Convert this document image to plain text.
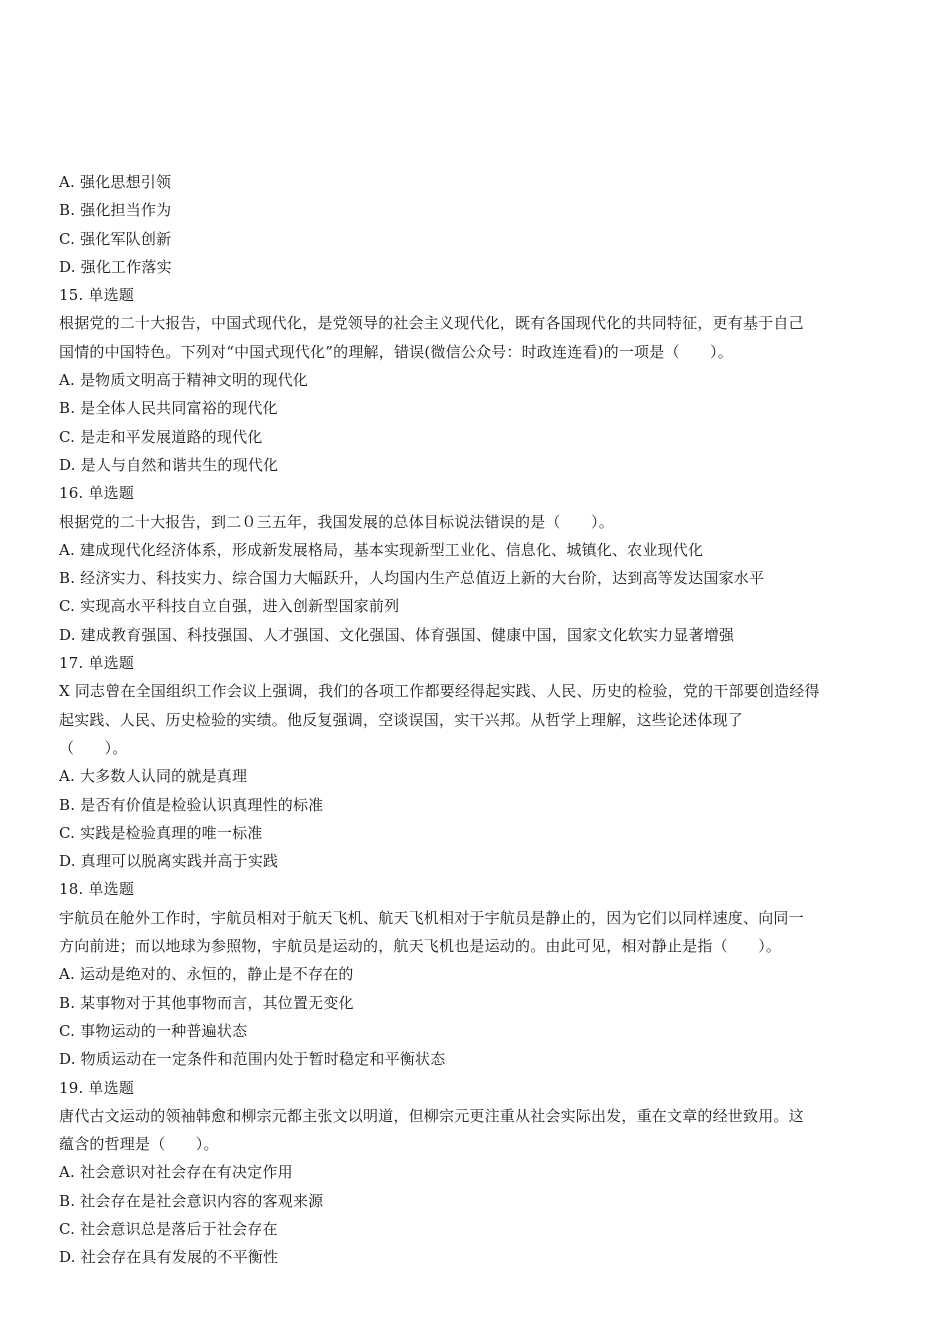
A. 强化思想引领
B. 强化担当作为
C. 强化军队创新
D. 强化工作落实
15. 单选题
根据党的二十大报告，中国式现代化，是党领导的社会主义现代化，既有各国现代化的共同特征，更有基于自己
国情的中国特色。下列对“中国式现代化”的理解，错误(微信公众号：时政连连看)的一项是（　　）。
A. 是物质文明高于精神文明的现代化
B. 是全体人民共同富裕的现代化
C. 是走和平发展道路的现代化
D. 是人与自然和谐共生的现代化
16. 单选题
根据党的二十大报告，到二０三五年，我国发展的总体目标说法错误的是（　　）。
A. 建成现代化经济体系，形成新发展格局，基本实现新型工业化、信息化、城镇化、农业现代化
B. 经济实力、科技实力、综合国力大幅跃升，人均国内生产总值迈上新的大台阶，达到高等发达国家水平
C. 实现高水平科技自立自强，进入创新型国家前列
D. 建成教育强国、科技强国、人才强国、文化强国、体育强国、健康中国，国家文化软实力显著增强
17. 单选题
X 同志曾在全国组织工作会议上强调，我们的各项工作都要经得起实践、人民、历史的检验，党的干部要创造经得
起实践、人民、历史检验的实绩。他反复强调，空谈误国，实干兴邦。从哲学上理解，这些论述体现了
（　　）。
A. 大多数人认同的就是真理
B. 是否有价值是检验认识真理性的标准
C. 实践是检验真理的唯一标准
D. 真理可以脱离实践并高于实践
18. 单选题
宇航员在舱外工作时，宇航员相对于航天飞机、航天飞机相对于宇航员是静止的，因为它们以同样速度、向同一
方向前进；而以地球为参照物，宇航员是运动的，航天飞机也是运动的。由此可见，相对静止是指（　　）。
A. 运动是绝对的、永恒的，静止是不存在的
B. 某事物对于其他事物而言，其位置无变化
C. 事物运动的一种普遍状态
D. 物质运动在一定条件和范围内处于暂时稳定和平衡状态
19. 单选题
唐代古文运动的领袖韩愈和柳宗元都主张文以明道，但柳宗元更注重从社会实际出发，重在文章的经世致用。这
蕴含的哲理是（　　）。
A. 社会意识对社会存在有决定作用
B. 社会存在是社会意识内容的客观来源
C. 社会意识总是落后于社会存在
D. 社会存在具有发展的不平衡性
